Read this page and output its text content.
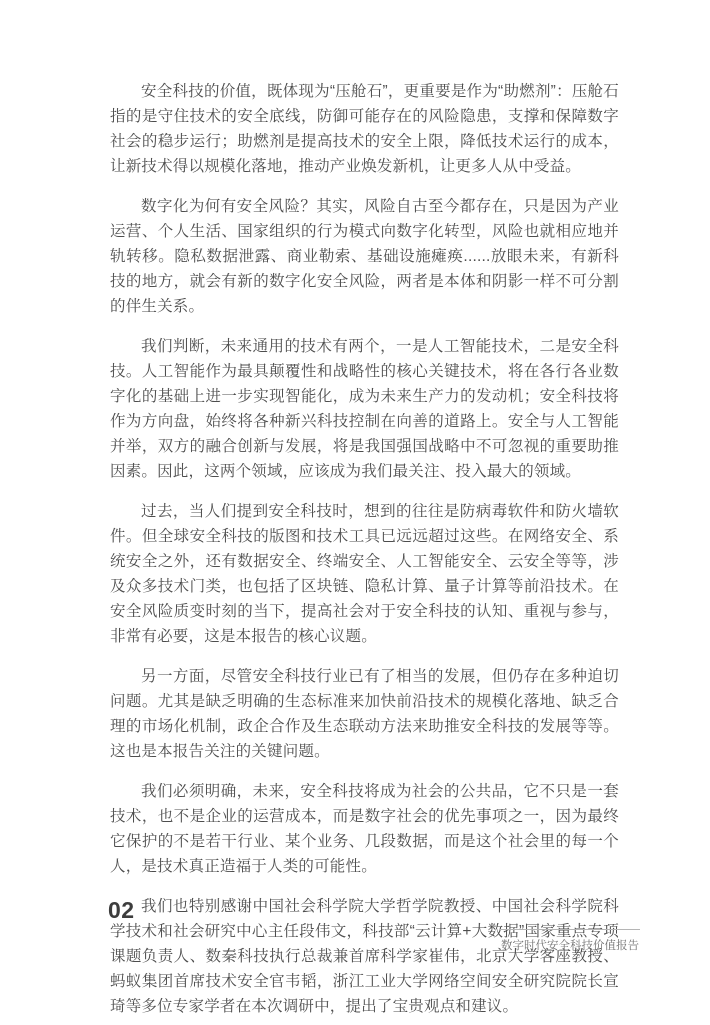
安全科技的价值，既体现为“压舱石”，更重要是作为“助燃剂”：压舱石指的是守住技术的安全底线，防御可能存在的风险隐患，支撑和保障数字社会的稳步运行；助燃剂是提高技术的安全上限，降低技术运行的成本，让新技术得以规模化落地，推动产业焕发新机，让更多人从中受益。

数字化为何有安全风险？其实，风险自古至今都存在，只是因为产业运营、个人生活、国家组织的行为模式向数字化转型，风险也就相应地并轨转移。隐私数据泄露、商业勒索、基础设施瘫痪......放眼未来，有新科技的地方，就会有新的数字化安全风险，两者是本体和阴影一样不可分割的伴生关系。

我们判断，未来通用的技术有两个，一是人工智能技术，二是安全科技。人工智能作为最具颠覆性和战略性的核心关键技术，将在各行各业数字化的基础上进一步实现智能化，成为未来生产力的发动机；安全科技将作为方向盘，始终将各种新兴科技控制在向善的道路上。安全与人工智能并举，双方的融合创新与发展，将是我国强国战略中不可忽视的重要助推因素。因此，这两个领域，应该成为我们最关注、投入最大的领域。

过去，当人们提到安全科技时，想到的往往是防病毒软件和防火墙软件。但全球安全科技的版图和技术工具已远远超过这些。在网络安全、系统安全之外，还有数据安全、终端安全、人工智能安全、云安全等等，涉及众多技术门类，也包括了区块链、隐私计算、量子计算等前沿技术。在安全风险质变时刻的当下，提高社会对于安全科技的认知、重视与参与，非常有必要，这是本报告的核心议题。

另一方面，尽管安全科技行业已有了相当的发展，但仍存在多种迫切问题。尤其是缺乏明确的生态标准来加快前沿技术的规模化落地、缺乏合理的市场化机制，政企合作及生态联动方法来助推安全科技的发展等等。这也是本报告关注的关键问题。

我们必须明确，未来，安全科技将成为社会的公共品，它不只是一套技术，也不是企业的运营成本，而是数字社会的优先事项之一，因为最终它保护的不是若干行业、某个业务、几段数据，而是这个社会里的每一个人，是技术真正造福于人类的可能性。

我们也特别感谢中国社会科学院大学哲学院教授、中国社会科学院科学技术和社会研究中心主任段伟文，科技部“云计算+大数据”国家重点专项课题负责人、数秦科技执行总裁兼首席科学家崔伟，北京大学客座教授、蚂蚁集团首席技术安全官韦韬，浙江工业大学网络空间安全研究院院长宣琦等多位专家学者在本次调研中，提出了宝贵观点和建议。

02
数字时代安全科技价值报告
